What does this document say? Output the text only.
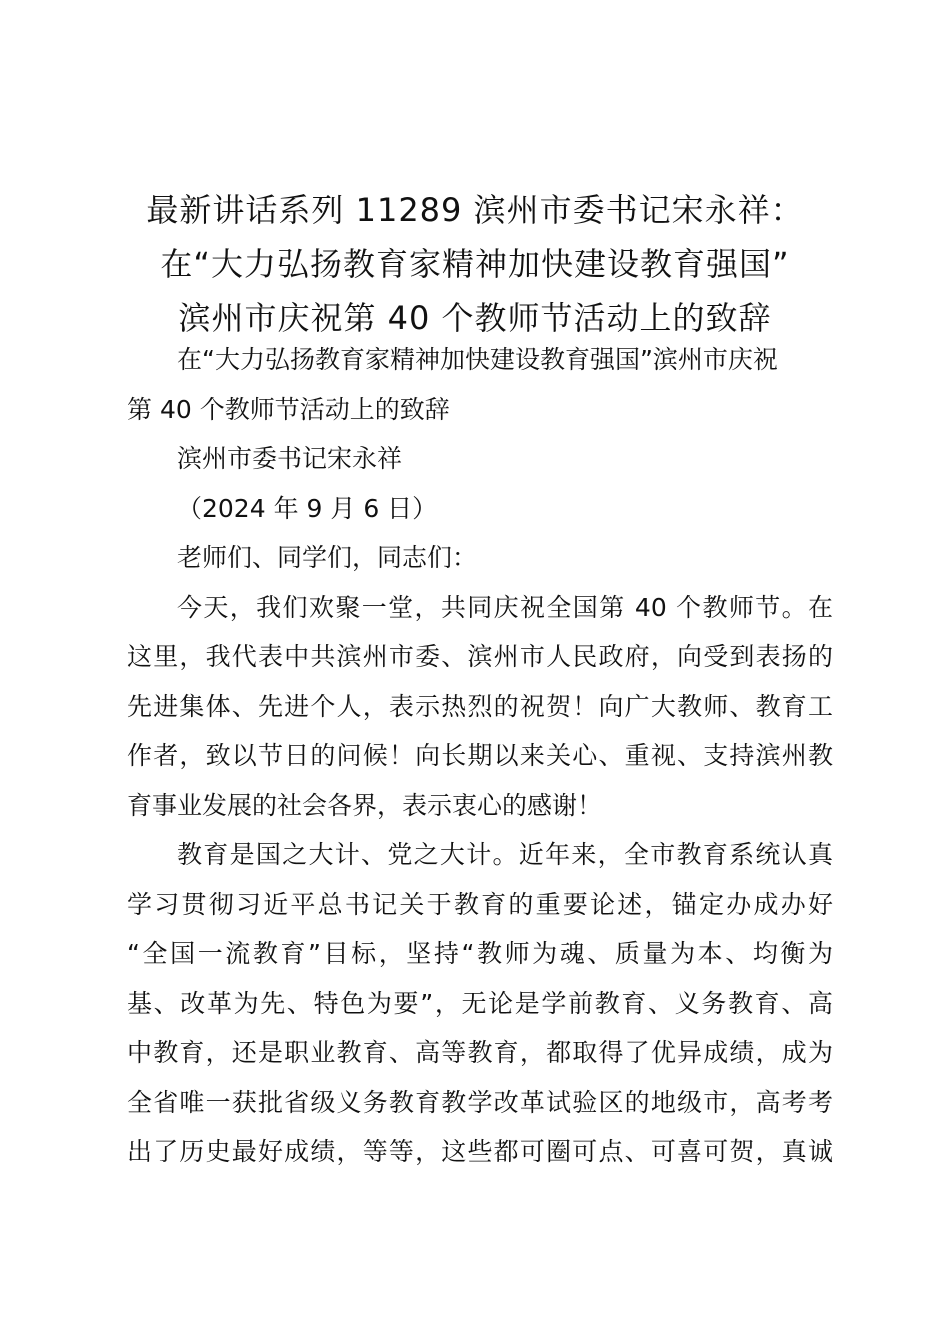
最新讲话系列 11289 滨州市委书记宋永祥：
在“大力弘扬教育家精神加快建设教育强国”
滨州市庆祝第 40 个教师节活动上的致辞
在“大力弘扬教育家精神加快建设教育强国”滨州市庆祝
第 40 个教师节活动上的致辞
滨州市委书记宋永祥
（2024 年 9 月 6 日）
老师们、同学们，同志们：
今天，我们欢聚一堂，共同庆祝全国第 40 个教师节。在
这里，我代表中共滨州市委、滨州市人民政府，向受到表扬的
先进集体、先进个人，表示热烈的祝贺！向广大教师、教育工
作者，致以节日的问候！向长期以来关心、重视、支持滨州教
育事业发展的社会各界，表示衷心的感谢！
教育是国之大计、党之大计。近年来，全市教育系统认真
学习贯彻习近平总书记关于教育的重要论述，锚定办成办好
“全国一流教育”目标，坚持“教师为魂、质量为本、均衡为
基、改革为先、特色为要”，无论是学前教育、义务教育、高
中教育，还是职业教育、高等教育，都取得了优异成绩，成为
全省唯一获批省级义务教育教学改革试验区的地级市，高考考
出了历史最好成绩，等等，这些都可圈可点、可喜可贺，真诚
